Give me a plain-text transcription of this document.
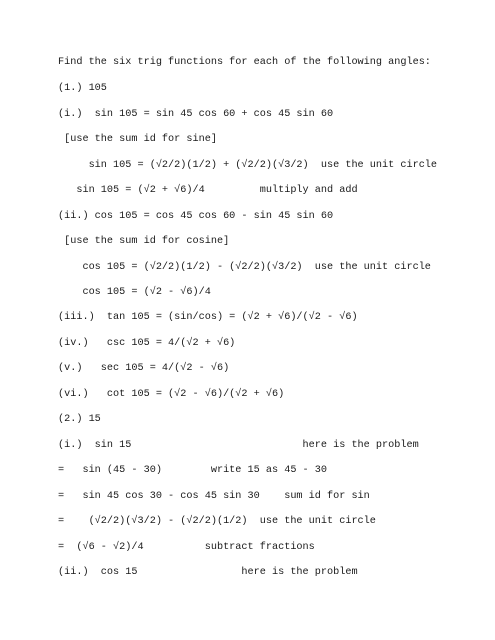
Find the six trig functions for each of the following angles:
(1.) 105
(i.)  sin 105 = sin 45 cos 60 + cos 45 sin 60
[use the sum id for sine]
sin 105 = (√2/2)(1/2) + (√2/2)(√3/2)  use the unit circle
sin 105 = (√2 + √6)/4         multiply and add
(ii.) cos 105 = cos 45 cos 60 - sin 45 sin 60
[use the sum id for cosine]
cos 105 = (√2/2)(1/2) - (√2/2)(√3/2)  use the unit circle
cos 105 = (√2 - √6)/4
(iii.)  tan 105 = (sin/cos) = (√2 + √6)/(√2 - √6)
(iv.)   csc 105 = 4/(√2 + √6)
(v.)   sec 105 = 4/(√2 - √6)
(vi.)   cot 105 = (√2 - √6)/(√2 + √6)
(2.) 15
(i.)  sin 15                            here is the problem
=   sin (45 - 30)        write 15 as 45 - 30
=   sin 45 cos 30 - cos 45 sin 30    sum id for sin
=    (√2/2)(√3/2) - (√2/2)(1/2)  use the unit circle
=  (√6 - √2)/4          subtract fractions
(ii.)  cos 15                 here is the problem
